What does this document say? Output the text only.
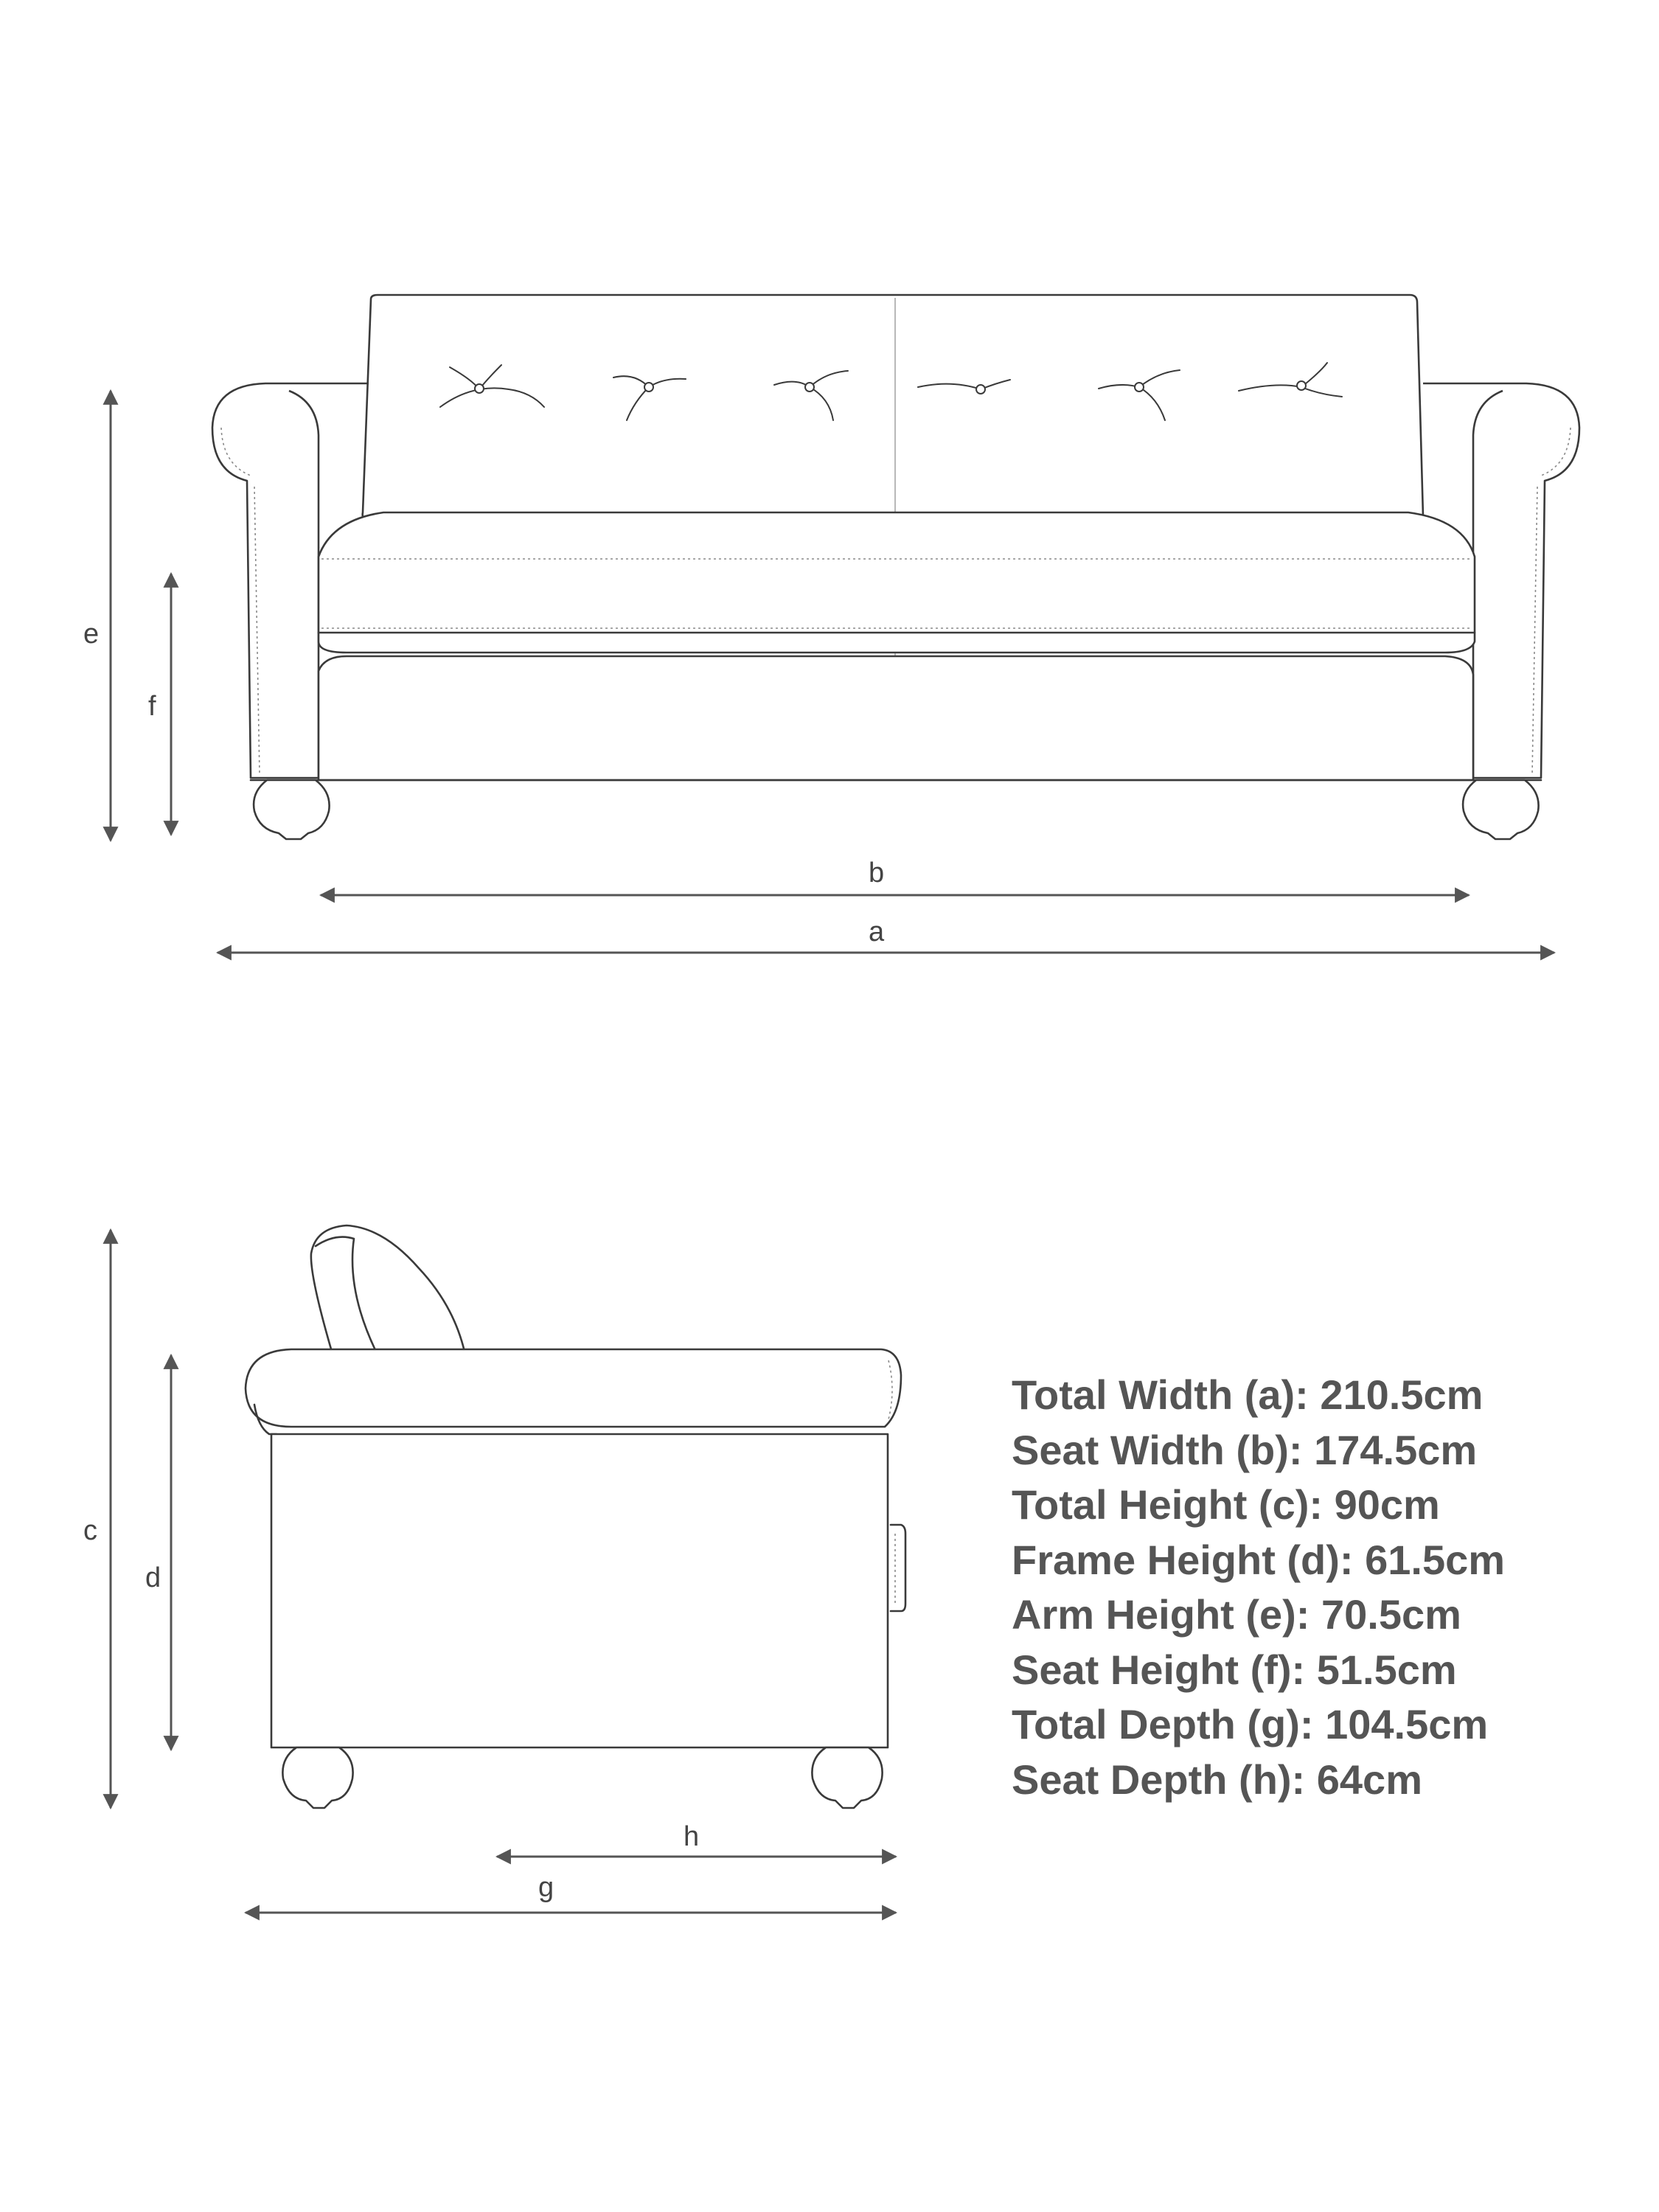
e
f
b
a
c
d
h
g
Total Width (a): 210.5cm
Seat Width (b): 174.5cm
Total Height (c): 90cm
Frame Height (d): 61.5cm
Arm Height (e): 70.5cm
Seat Height (f): 51.5cm
Total Depth (g): 104.5cm
Seat Depth (h): 64cm
